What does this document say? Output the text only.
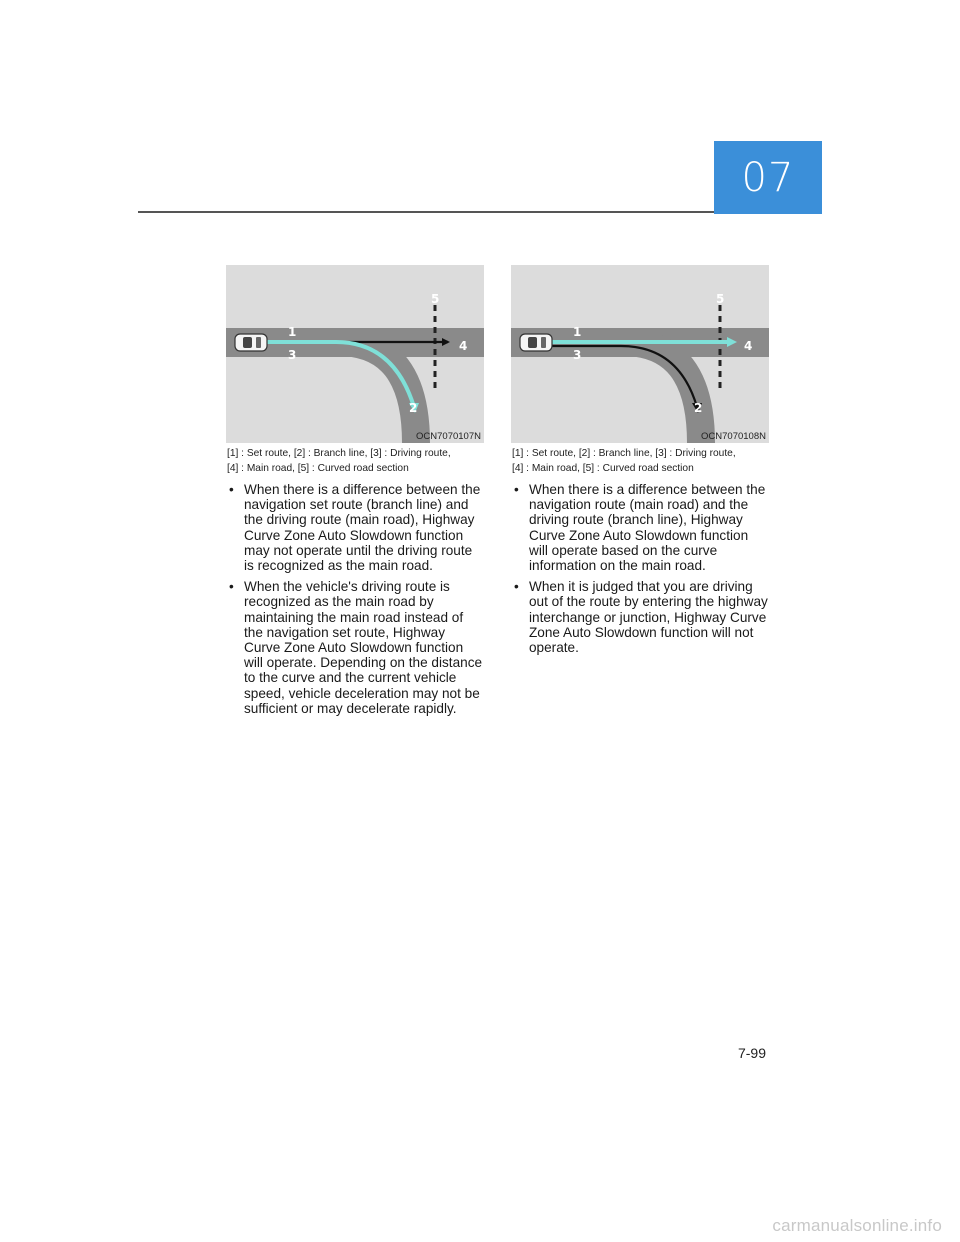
07
5
1
3
4
2
OCN7070107N
5
1
3
4
2
OCN7070108N
[1] : Set route, [2] : Branch line, [3] : Driving route,
[4] : Main road, [5] : Curved road section
[1] : Set route, [2] : Branch line, [3] : Driving route,
[4] : Main road, [5] : Curved road section
• When there is a difference between the navigation set route (branch line) and the driving route (main road), Highway Curve Zone Auto Slowdown function may not operate until the driving route is recognized as the main road.
• When the vehicle's driving route is recognized as the main road by maintaining the main road instead of the navigation set route, Highway Curve Zone Auto Slowdown function will operate. Depending on the distance to the curve and the current vehicle speed, vehicle deceleration may not be sufficient or may decelerate rapidly.
• When there is a difference between the navigation route (main road) and the driving route (branch line), Highway Curve Zone Auto Slowdown function will operate based on the curve information on the main road.
• When it is judged that you are driving out of the route by entering the highway interchange or junction, Highway Curve Zone Auto Slowdown function will not operate.
7-99
carmanualsonline.info
